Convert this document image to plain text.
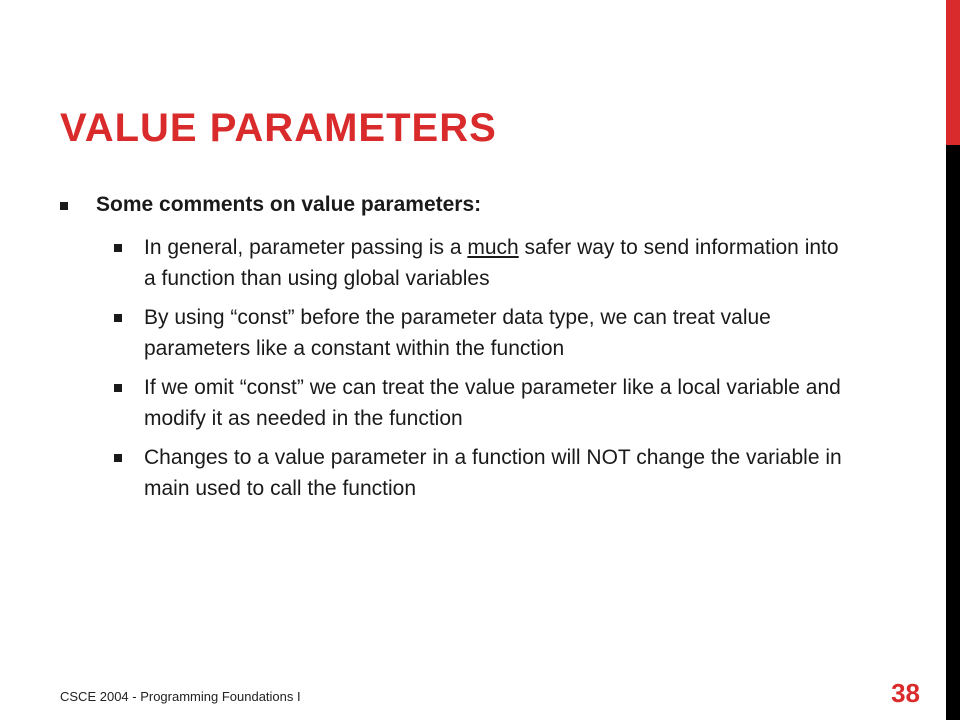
VALUE PARAMETERS
Some comments on value parameters:
In general, parameter passing is a much safer way to send information into a function than using global variables
By using “const” before the parameter data type, we can treat value parameters like a constant within the function
If we omit “const” we can treat the value parameter like a local variable and modify it as needed in the function
Changes to a value parameter in a function will NOT change the variable in main used to call the function
CSCE 2004 - Programming Foundations I	38
